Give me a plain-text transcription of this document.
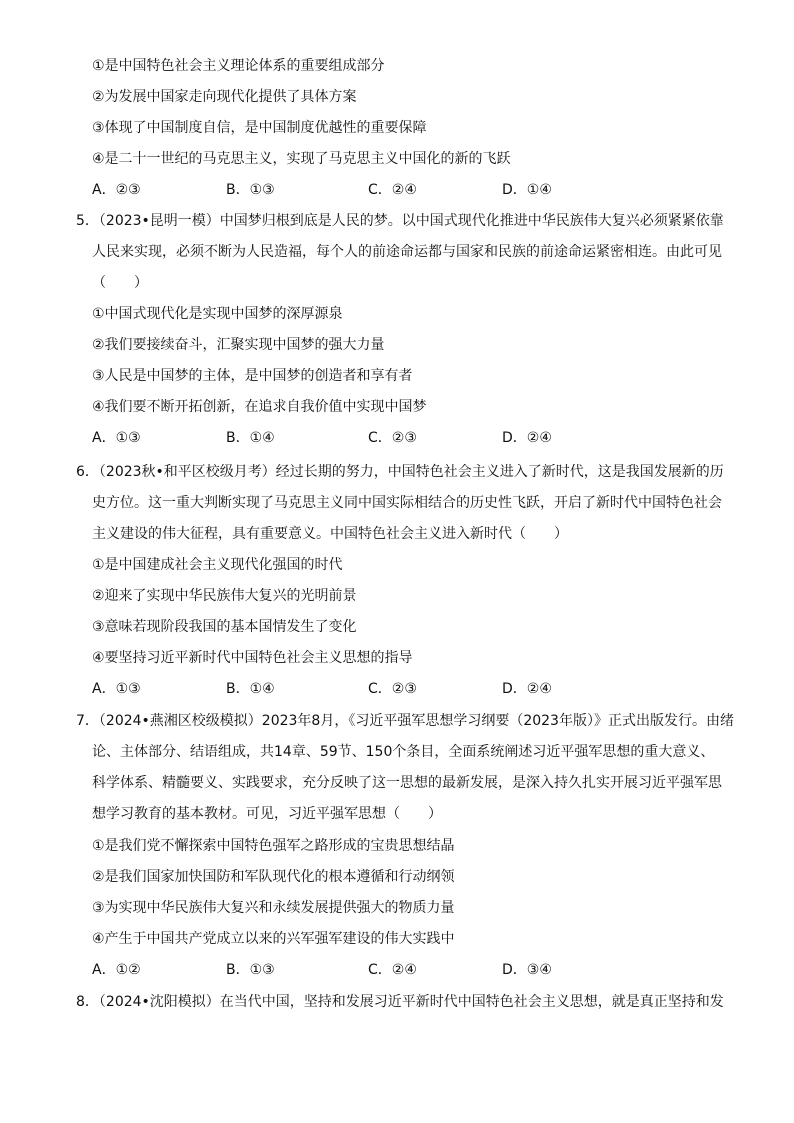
①是中国特色社会主义理论体系的重要组成部分
②为发展中国家走向现代化提供了具体方案
③体现了中国制度自信，是中国制度优越性的重要保障
④是二十一世纪的马克思主义，实现了马克思主义中国化的新的飞跃
A．②③	B．①③	C．②④	D．①④
5．（2023•昆明一模）中国梦归根到底是人民的梦。以中国式现代化推进中华民族伟大复兴必须紧紧依靠
人民来实现，必须不断为人民造福，每个人的前途命运都与国家和民族的前途命运紧密相连。由此可见
（　　）
①中国式现代化是实现中国梦的深厚源泉
②我们要接续奋斗，汇聚实现中国梦的强大力量
③人民是中国梦的主体，是中国梦的创造者和享有者
④我们要不断开拓创新，在追求自我价值中实现中国梦
A．①③	B．①④	C．②③	D．②④
6．（2023秋•和平区校级月考）经过长期的努力，中国特色社会主义进入了新时代，这是我国发展新的历
史方位。这一重大判断实现了马克思主义同中国实际相结合的历史性飞跃，开启了新时代中国特色社会
主义建设的伟大征程，具有重要意义。中国特色社会主义进入新时代（　　）
①是中国建成社会主义现代化强国的时代
②迎来了实现中华民族伟大复兴的光明前景
③意味若现阶段我国的基本国情发生了变化
④要坚持习近平新时代中国特色社会主义思想的指导
A．①③	B．①④	C．②③	D．②④
7．（2024•燕湘区校级模拟）2023年8月，《习近平强军思想学习纲要（2023年版）》正式出版发行。由绪
论、主体部分、结语组成，共14章、59节、150个条目，全面系统阐述习近平强军思想的重大意义、
科学体系、精髓要义、实践要求，充分反映了这一思想的最新发展，是深入持久扎实开展习近平强军思
想学习教育的基本教材。可见，习近平强军思想（　　）
①是我们党不懈探索中国特色强军之路形成的宝贵思想结晶
②是我们国家加快国防和军队现代化的根本遵循和行动纲领
③为实现中华民族伟大复兴和永续发展提供强大的物质力量
④产生于中国共产党成立以来的兴军强军建设的伟大实践中
A．①②	B．①③	C．②④	D．③④
8．（2024•沈阳模拟）在当代中国，坚持和发展习近平新时代中国特色社会主义思想，就是真正坚持和发
